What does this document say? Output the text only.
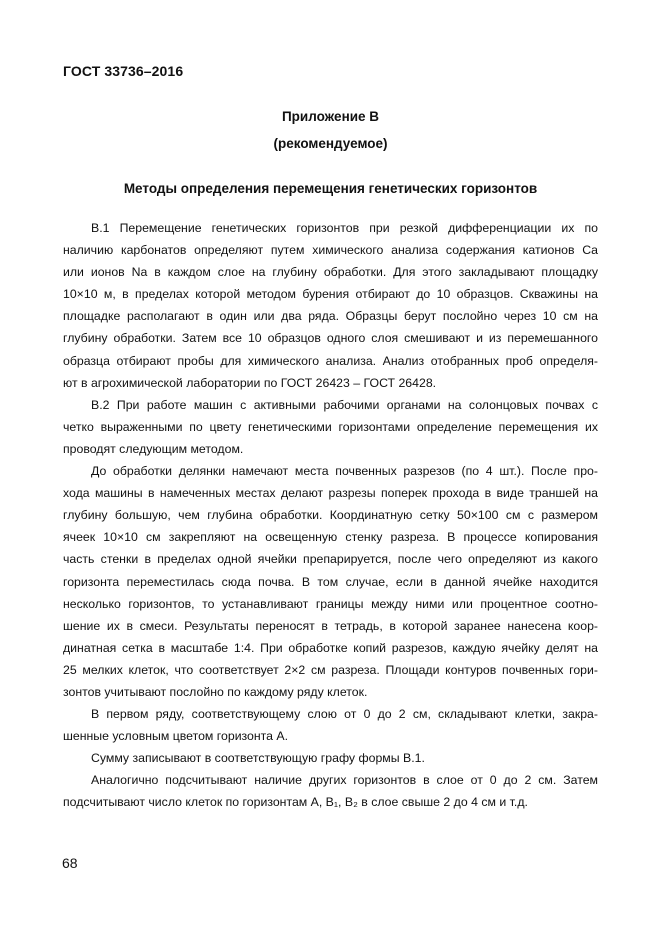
ГОСТ 33736–2016
Приложение В
(рекомендуемое)
Методы определения перемещения генетических горизонтов
В.1 Перемещение генетических горизонтов при резкой дифференциации их по
наличию карбонатов определяют путем химического анализа содержания катионов Ca
или ионов Na в каждом слое на глубину обработки. Для этого закладывают площадку
10×10 м, в пределах которой методом бурения отбирают до 10 образцов. Скважины на
площадке располагают в один или два ряда. Образцы берут послойно через 10 см на
глубину обработки. Затем все 10 образцов одного слоя смешивают и из перемешанного
образца отбирают пробы для химического анализа. Анализ отобранных проб определя-
ют в агрохимической лаборатории по ГОСТ 26423 – ГОСТ 26428.
В.2 При работе машин с активными рабочими органами на солонцовых почвах с
четко выраженными по цвету генетическими горизонтами определение перемещения их
проводят следующим методом.
До обработки делянки намечают места почвенных разрезов (по 4 шт.). После про-
хода машины в намеченных местах делают разрезы поперек прохода в виде траншей на
глубину большую, чем глубина обработки. Координатную сетку 50×100 см с размером
ячеек 10×10 см закрепляют на освещенную стенку разреза. В процессе копирования
часть стенки в пределах одной ячейки препарируется, после чего определяют из какого
горизонта переместилась сюда почва. В том случае, если в данной ячейке находится
несколько горизонтов, то устанавливают границы между ними или процентное соотно-
шение их в смеси. Результаты переносят в тетрадь, в которой заранее нанесена коор-
динатная сетка в масштабе 1:4. При обработке копий разрезов, каждую ячейку делят на
25 мелких клеток, что соответствует 2×2 см разреза. Площади контуров почвенных гори-
зонтов учитывают послойно по каждому ряду клеток.
В первом ряду, соответствующему слою от 0 до 2 см, складывают клетки, закра-
шенные условным цветом горизонта А.
Сумму записывают в соответствующую графу формы В.1.
Аналогично подсчитывают наличие других горизонтов в слое от 0 до 2 см. Затем
подсчитывают число клеток по горизонтам А, В₁, В₂ в слое свыше 2 до 4 см и т.д.
68
